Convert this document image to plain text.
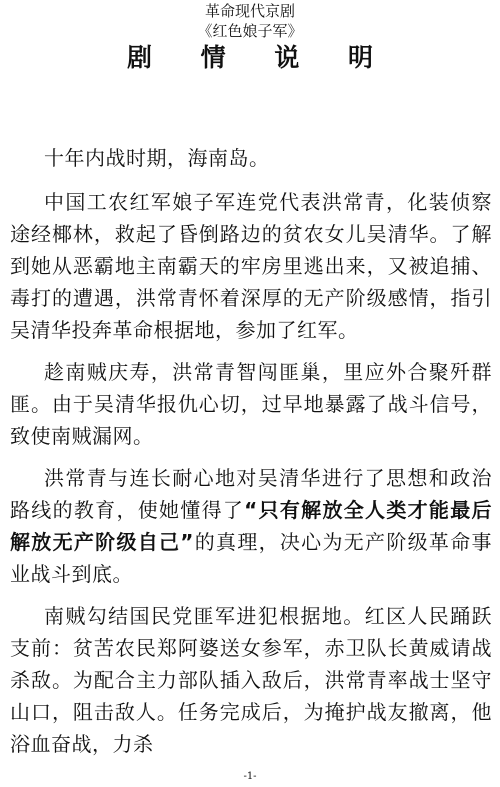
革命现代京剧
《红色娘子军》
剧 情 说 明

十年内战时期，海南岛。

中国工农红军娘子军连党代表洪常青，化装侦察途经椰林，救起了昏倒路边的贫农女儿吴清华。了解到她从恶霸地主南霸天的牢房里逃出来，又被追捕、毒打的遭遇，洪常青怀着深厚的无产阶级感情，指引吴清华投奔革命根据地，参加了红军。

趁南贼庆寿，洪常青智闯匪巢，里应外合聚歼群匪。由于吴清华报仇心切，过早地暴露了战斗信号，致使南贼漏网。

洪常青与连长耐心地对吴清华进行了思想和政治路线的教育，使她懂得了“只有解放全人类才能最后解放无产阶级自己”的真理，决心为无产阶级革命事业战斗到底。

南贼勾结国民党匪军进犯根据地。红区人民踊跃支前：贫苦农民郑阿婆送女参军，赤卫队长黄威请战杀敌。为配合主力部队插入敌后，洪常青率战士坚守山口，阻击敌人。任务完成后，为掩护战友撤离，他浴血奋战，力杀

-1-
